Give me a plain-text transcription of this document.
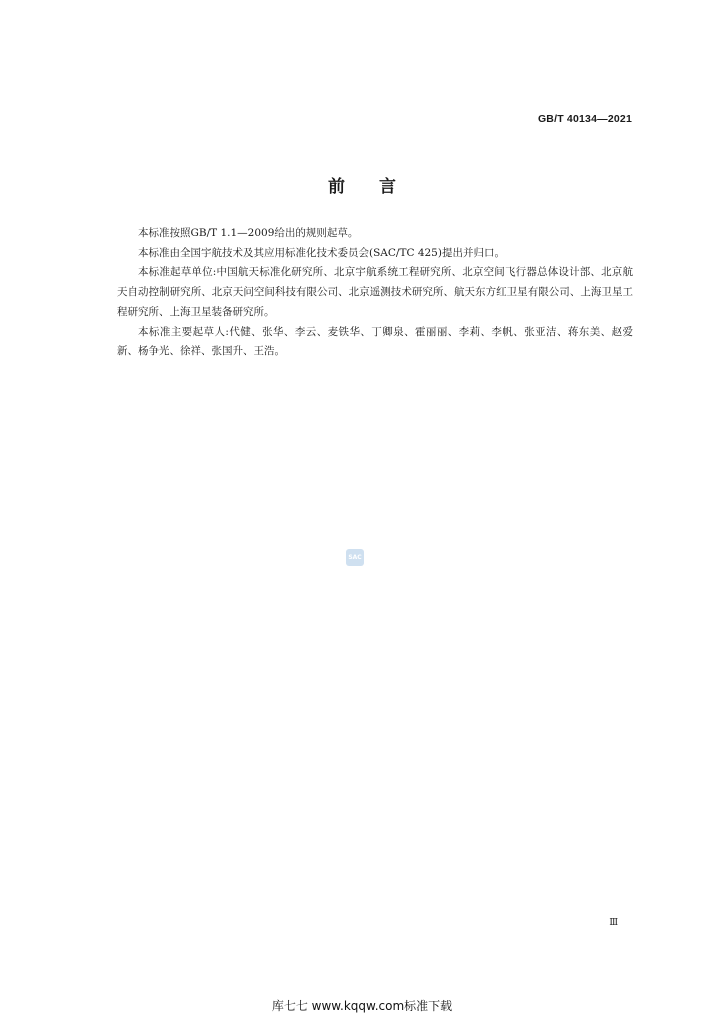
GB/T 40134—2021
前 言

本标准按照GB/T 1.1—2009给出的规则起草。

本标准由全国宇航技术及其应用标准化技术委员会(SAC/TC 425)提出并归口。

本标准起草单位:中国航天标准化研究所、北京宇航系统工程研究所、北京空间飞行器总体设计部、北京航天自动控制研究所、北京天问空间科技有限公司、北京遥测技术研究所、航天东方红卫星有限公司、上海卫星工程研究所、上海卫星装备研究所。

本标准主要起草人:代健、张华、李云、麦铁华、丁卿泉、霍丽丽、李莉、李帆、张亚洁、蒋东美、赵爱新、杨争光、徐祥、张国升、王浩。

SAC
Ⅲ
库七七 www.kqqw.com标准下载
